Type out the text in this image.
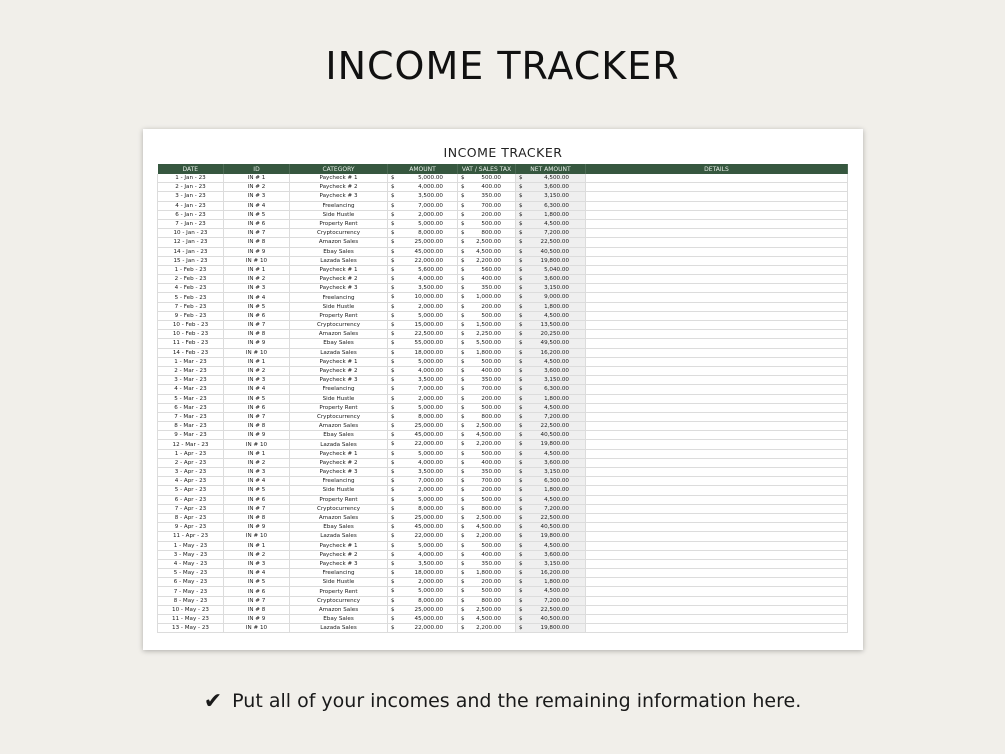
INCOME TRACKER
INCOME TRACKER
DATE	ID	CATEGORY	AMOUNT	VAT / SALES TAX	NET AMOUNT	DETAILS
1 - Jan - 23	IN # 1	Paycheck # 1	$ 5,000.00	$ 500.00	$ 4,500.00	

2 - Jan - 23	IN # 2	Paycheck # 2	$ 4,000.00	$ 400.00	$ 3,600.00	

3 - Jan - 23	IN # 3	Paycheck # 3	$ 3,500.00	$ 350.00	$ 3,150.00	

4 - Jan - 23	IN # 4	Freelancing	$ 7,000.00	$ 700.00	$ 6,300.00	

6 - Jan - 23	IN # 5	Side Hustle	$ 2,000.00	$ 200.00	$ 1,800.00	

7 - Jan - 23	IN # 6	Property Rent	$ 5,000.00	$ 500.00	$ 4,500.00	

10 - Jan - 23	IN # 7	Cryptocurrency	$ 8,000.00	$ 800.00	$ 7,200.00	

12 - Jan - 23	IN # 8	Amazon Sales	$ 25,000.00	$ 2,500.00	$ 22,500.00	

14 - Jan - 23	IN # 9	Ebay Sales	$ 45,000.00	$ 4,500.00	$ 40,500.00	

15 - Jan - 23	IN # 10	Lazada Sales	$ 22,000.00	$ 2,200.00	$ 19,800.00	

1 - Feb - 23	IN # 1	Paycheck # 1	$ 5,600.00	$ 560.00	$ 5,040.00	

2 - Feb - 23	IN # 2	Paycheck # 2	$ 4,000.00	$ 400.00	$ 3,600.00	

4 - Feb - 23	IN # 3	Paycheck # 3	$ 3,500.00	$ 350.00	$ 3,150.00	

5 - Feb - 23	IN # 4	Freelancing	$ 10,000.00	$ 1,000.00	$ 9,000.00	

7 - Feb - 23	IN # 5	Side Hustle	$ 2,000.00	$ 200.00	$ 1,800.00	

9 - Feb - 23	IN # 6	Property Rent	$ 5,000.00	$ 500.00	$ 4,500.00	

10 - Feb - 23	IN # 7	Cryptocurrency	$ 15,000.00	$ 1,500.00	$ 13,500.00	

10 - Feb - 23	IN # 8	Amazon Sales	$ 22,500.00	$ 2,250.00	$ 20,250.00	

11 - Feb - 23	IN # 9	Ebay Sales	$ 55,000.00	$ 5,500.00	$ 49,500.00	

14 - Feb - 23	IN # 10	Lazada Sales	$ 18,000.00	$ 1,800.00	$ 16,200.00	

1 - Mar - 23	IN # 1	Paycheck # 1	$ 5,000.00	$ 500.00	$ 4,500.00	

2 - Mar - 23	IN # 2	Paycheck # 2	$ 4,000.00	$ 400.00	$ 3,600.00	

3 - Mar - 23	IN # 3	Paycheck # 3	$ 3,500.00	$ 350.00	$ 3,150.00	

4 - Mar - 23	IN # 4	Freelancing	$ 7,000.00	$ 700.00	$ 6,300.00	

5 - Mar - 23	IN # 5	Side Hustle	$ 2,000.00	$ 200.00	$ 1,800.00	

6 - Mar - 23	IN # 6	Property Rent	$ 5,000.00	$ 500.00	$ 4,500.00	

7 - Mar - 23	IN # 7	Cryptocurrency	$ 8,000.00	$ 800.00	$ 7,200.00	

8 - Mar - 23	IN # 8	Amazon Sales	$ 25,000.00	$ 2,500.00	$ 22,500.00	

9 - Mar - 23	IN # 9	Ebay Sales	$ 45,000.00	$ 4,500.00	$ 40,500.00	

12 - Mar - 23	IN # 10	Lazada Sales	$ 22,000.00	$ 2,200.00	$ 19,800.00	

1 - Apr - 23	IN # 1	Paycheck # 1	$ 5,000.00	$ 500.00	$ 4,500.00	

2 - Apr - 23	IN # 2	Paycheck # 2	$ 4,000.00	$ 400.00	$ 3,600.00	

3 - Apr - 23	IN # 3	Paycheck # 3	$ 3,500.00	$ 350.00	$ 3,150.00	

4 - Apr - 23	IN # 4	Freelancing	$ 7,000.00	$ 700.00	$ 6,300.00	

5 - Apr - 23	IN # 5	Side Hustle	$ 2,000.00	$ 200.00	$ 1,800.00	

6 - Apr - 23	IN # 6	Property Rent	$ 5,000.00	$ 500.00	$ 4,500.00	

7 - Apr - 23	IN # 7	Cryptocurrency	$ 8,000.00	$ 800.00	$ 7,200.00	

8 - Apr - 23	IN # 8	Amazon Sales	$ 25,000.00	$ 2,500.00	$ 22,500.00	

9 - Apr - 23	IN # 9	Ebay Sales	$ 45,000.00	$ 4,500.00	$ 40,500.00	

11 - Apr - 23	IN # 10	Lazada Sales	$ 22,000.00	$ 2,200.00	$ 19,800.00	

1 - May - 23	IN # 1	Paycheck # 1	$ 5,000.00	$ 500.00	$ 4,500.00	

3 - May - 23	IN # 2	Paycheck # 2	$ 4,000.00	$ 400.00	$ 3,600.00	

4 - May - 23	IN # 3	Paycheck # 3	$ 3,500.00	$ 350.00	$ 3,150.00	

5 - May - 23	IN # 4	Freelancing	$ 18,000.00	$ 1,800.00	$ 16,200.00	

6 - May - 23	IN # 5	Side Hustle	$ 2,000.00	$ 200.00	$ 1,800.00	

7 - May - 23	IN # 6	Property Rent	$ 5,000.00	$ 500.00	$ 4,500.00	

8 - May - 23	IN # 7	Cryptocurrency	$ 8,000.00	$ 800.00	$ 7,200.00	

10 - May - 23	IN # 8	Amazon Sales	$ 25,000.00	$ 2,500.00	$ 22,500.00	

11 - May - 23	IN # 9	Ebay Sales	$ 45,000.00	$ 4,500.00	$ 40,500.00	

13 - May - 23	IN # 10	Lazada Sales	$ 22,000.00	$ 2,200.00	$ 19,800.00	

✔ Put all of your incomes and the remaining information here.
